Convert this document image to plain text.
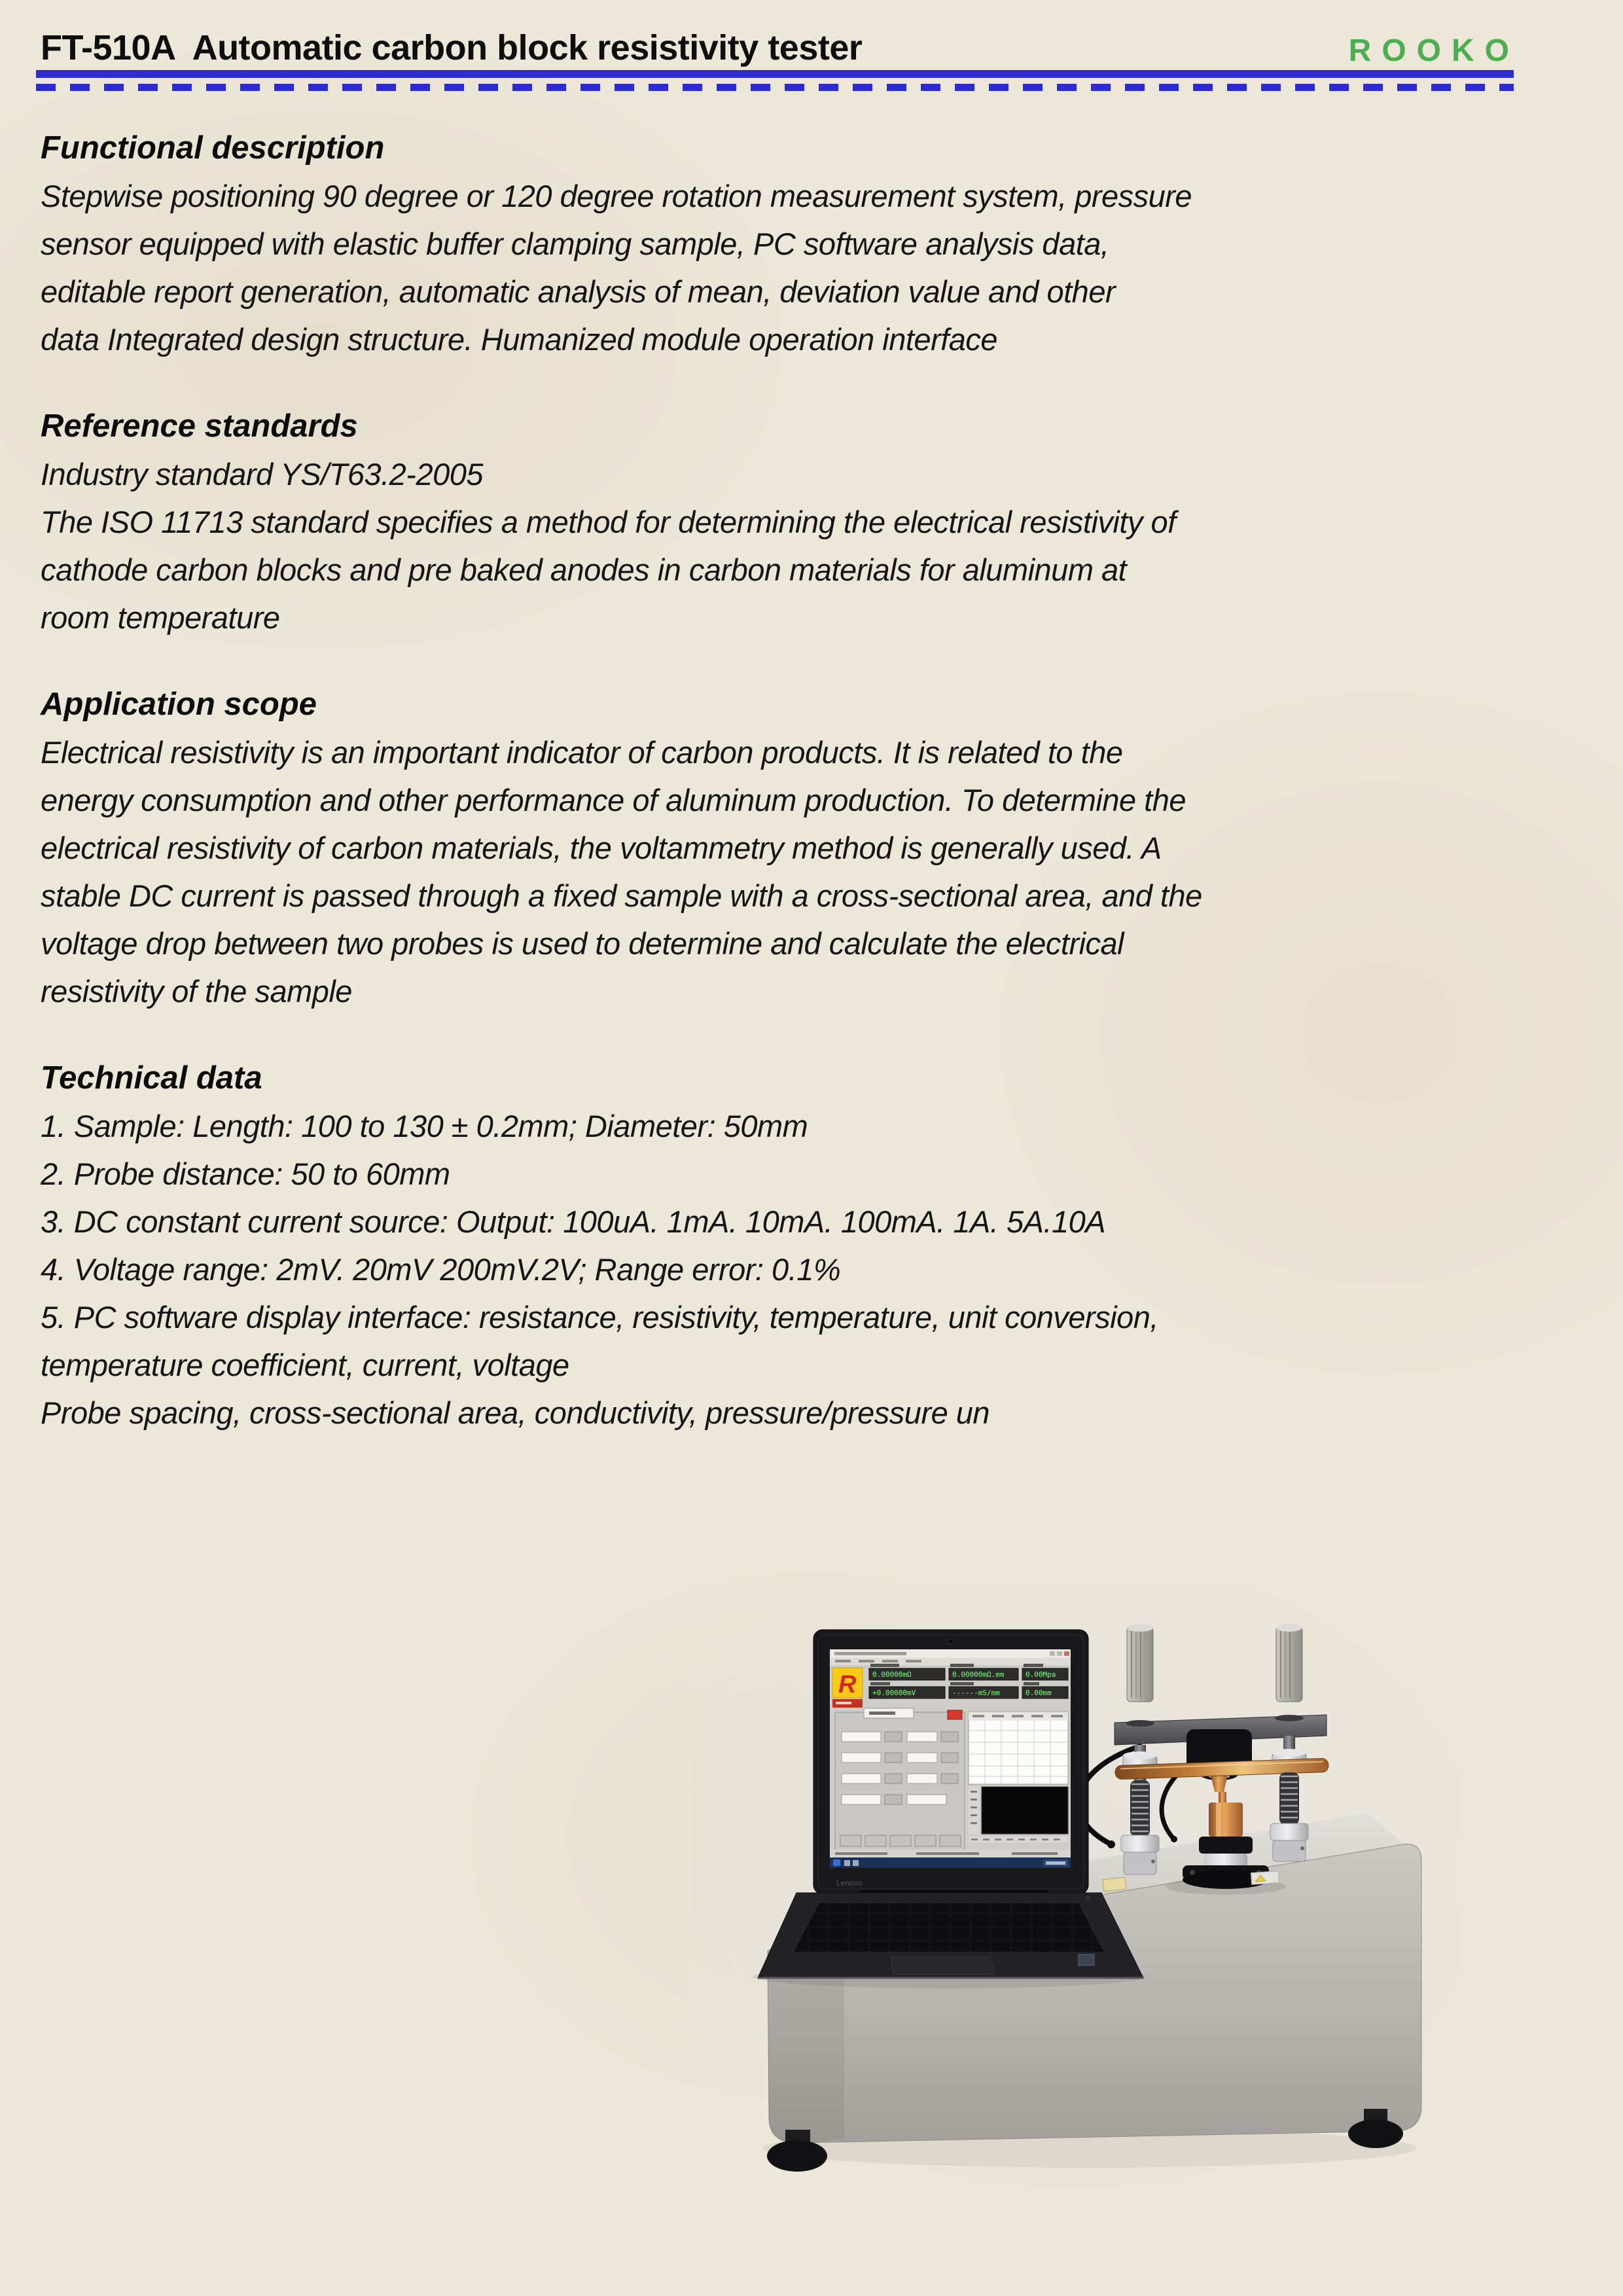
FT-510A  Automatic carbon block resistivity tester	ROOKO
Functional description
Stepwise positioning 90 degree or 120 degree rotation measurement system, pressure
sensor equipped with elastic buffer clamping sample, PC software analysis data,
editable report generation, automatic analysis of mean, deviation value and other
data Integrated design structure. Humanized module operation interface
Reference standards
Industry standard YS/T63.2-2005
The ISO 11713 standard specifies a method for determining the electrical resistivity of
cathode carbon blocks and pre baked anodes in carbon materials for aluminum at
room temperature
Application scope
Electrical resistivity is an important indicator of carbon products. It is related to the
energy consumption and other performance of aluminum production. To determine the
electrical resistivity of carbon materials, the voltammetry method is generally used. A
stable DC current is passed through a fixed sample with a cross-sectional area, and the
voltage drop between two probes is used to determine and calculate the electrical
resistivity of the sample
Technical data
1. Sample: Length: 100 to 130 ± 0.2mm; Diameter: 50mm
2. Probe distance: 50 to 60mm
3. DC constant current source: Output: 100uA. 1mA. 10mA. 100mA. 1A. 5A.10A
4. Voltage range: 2mV. 20mV 200mV.2V; Range error: 0.1%
5. PC software display interface: resistance, resistivity, temperature, unit conversion,
temperature coefficient, current, voltage
Probe spacing, cross-sectional area, conductivity, pressure/pressure un
R 0.00000mΩ	0.00000mΩ.mm	0.00Mpa
+0.00000mV	------mS/mm	0.00mm
Lenovo
